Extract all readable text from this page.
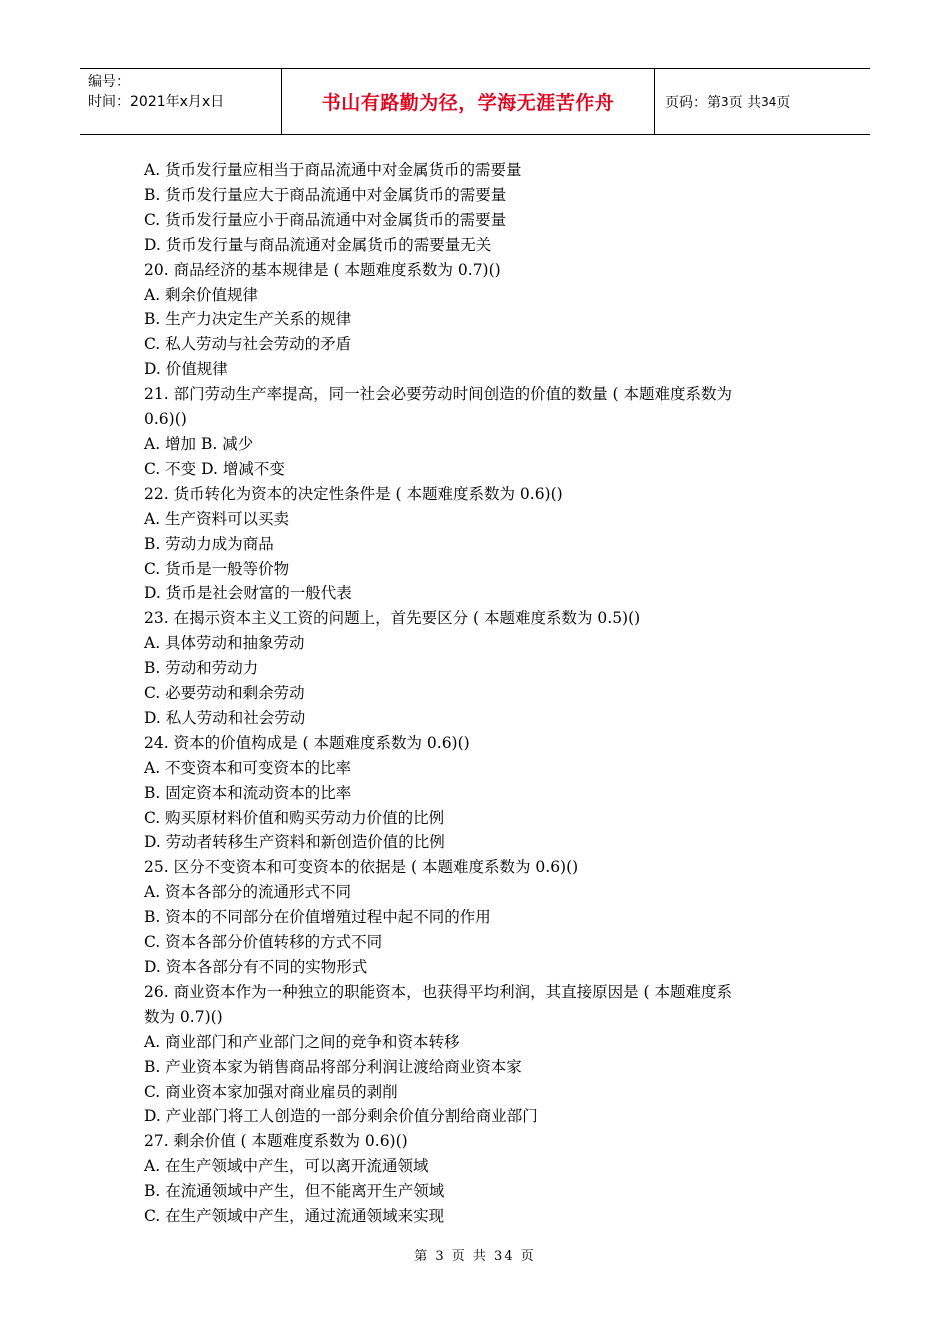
编号：
时间：2021年x月x日	书山有路勤为径，学海无涯苦作舟	页码：第 3 页 共 34 页
A. 货币发行量应相当于商品流通中对金属货币的需要量
B. 货币发行量应大于商品流通中对金属货币的需要量
C. 货币发行量应小于商品流通中对金属货币的需要量
D. 货币发行量与商品流通对金属货币的需要量无关
20. 商品经济的基本规律是 ( 本题难度系数为 0.7)()
A. 剩余价值规律
B. 生产力决定生产关系的规律
C. 私人劳动与社会劳动的矛盾
D. 价值规律
21. 部门劳动生产率提高，同一社会必要劳动时间创造的价值的数量 ( 本题难度系数为
0.6)()
A. 增加 B. 减少
C. 不变 D. 增减不变
22. 货币转化为资本的决定性条件是 ( 本题难度系数为 0.6)()
A. 生产资料可以买卖
B. 劳动力成为商品
C. 货币是一般等价物
D. 货币是社会财富的一般代表
23. 在揭示资本主义工资的问题上，首先要区分 ( 本题难度系数为 0.5)()
A. 具体劳动和抽象劳动
B. 劳动和劳动力
C. 必要劳动和剩余劳动
D. 私人劳动和社会劳动
24. 资本的价值构成是 ( 本题难度系数为 0.6)()
A. 不变资本和可变资本的比率
B. 固定资本和流动资本的比率
C. 购买原材料价值和购买劳动力价值的比例
D. 劳动者转移生产资料和新创造价值的比例
25. 区分不变资本和可变资本的依据是 ( 本题难度系数为 0.6)()
A. 资本各部分的流通形式不同
B. 资本的不同部分在价值增殖过程中起不同的作用
C. 资本各部分价值转移的方式不同
D. 资本各部分有不同的实物形式
26. 商业资本作为一种独立的职能资本，也获得平均利润，其直接原因是 ( 本题难度系
数为 0.7)()
A. 商业部门和产业部门之间的竞争和资本转移
B. 产业资本家为销售商品将部分利润让渡给商业资本家
C. 商业资本家加强对商业雇员的剥削
D. 产业部门将工人创造的一部分剩余价值分割给商业部门
27. 剩余价值 ( 本题难度系数为 0.6)()
A. 在生产领域中产生，可以离开流通领域
B. 在流通领域中产生，但不能离开生产领域
C. 在生产领域中产生，通过流通领域来实现
第 3 页 共 34 页
